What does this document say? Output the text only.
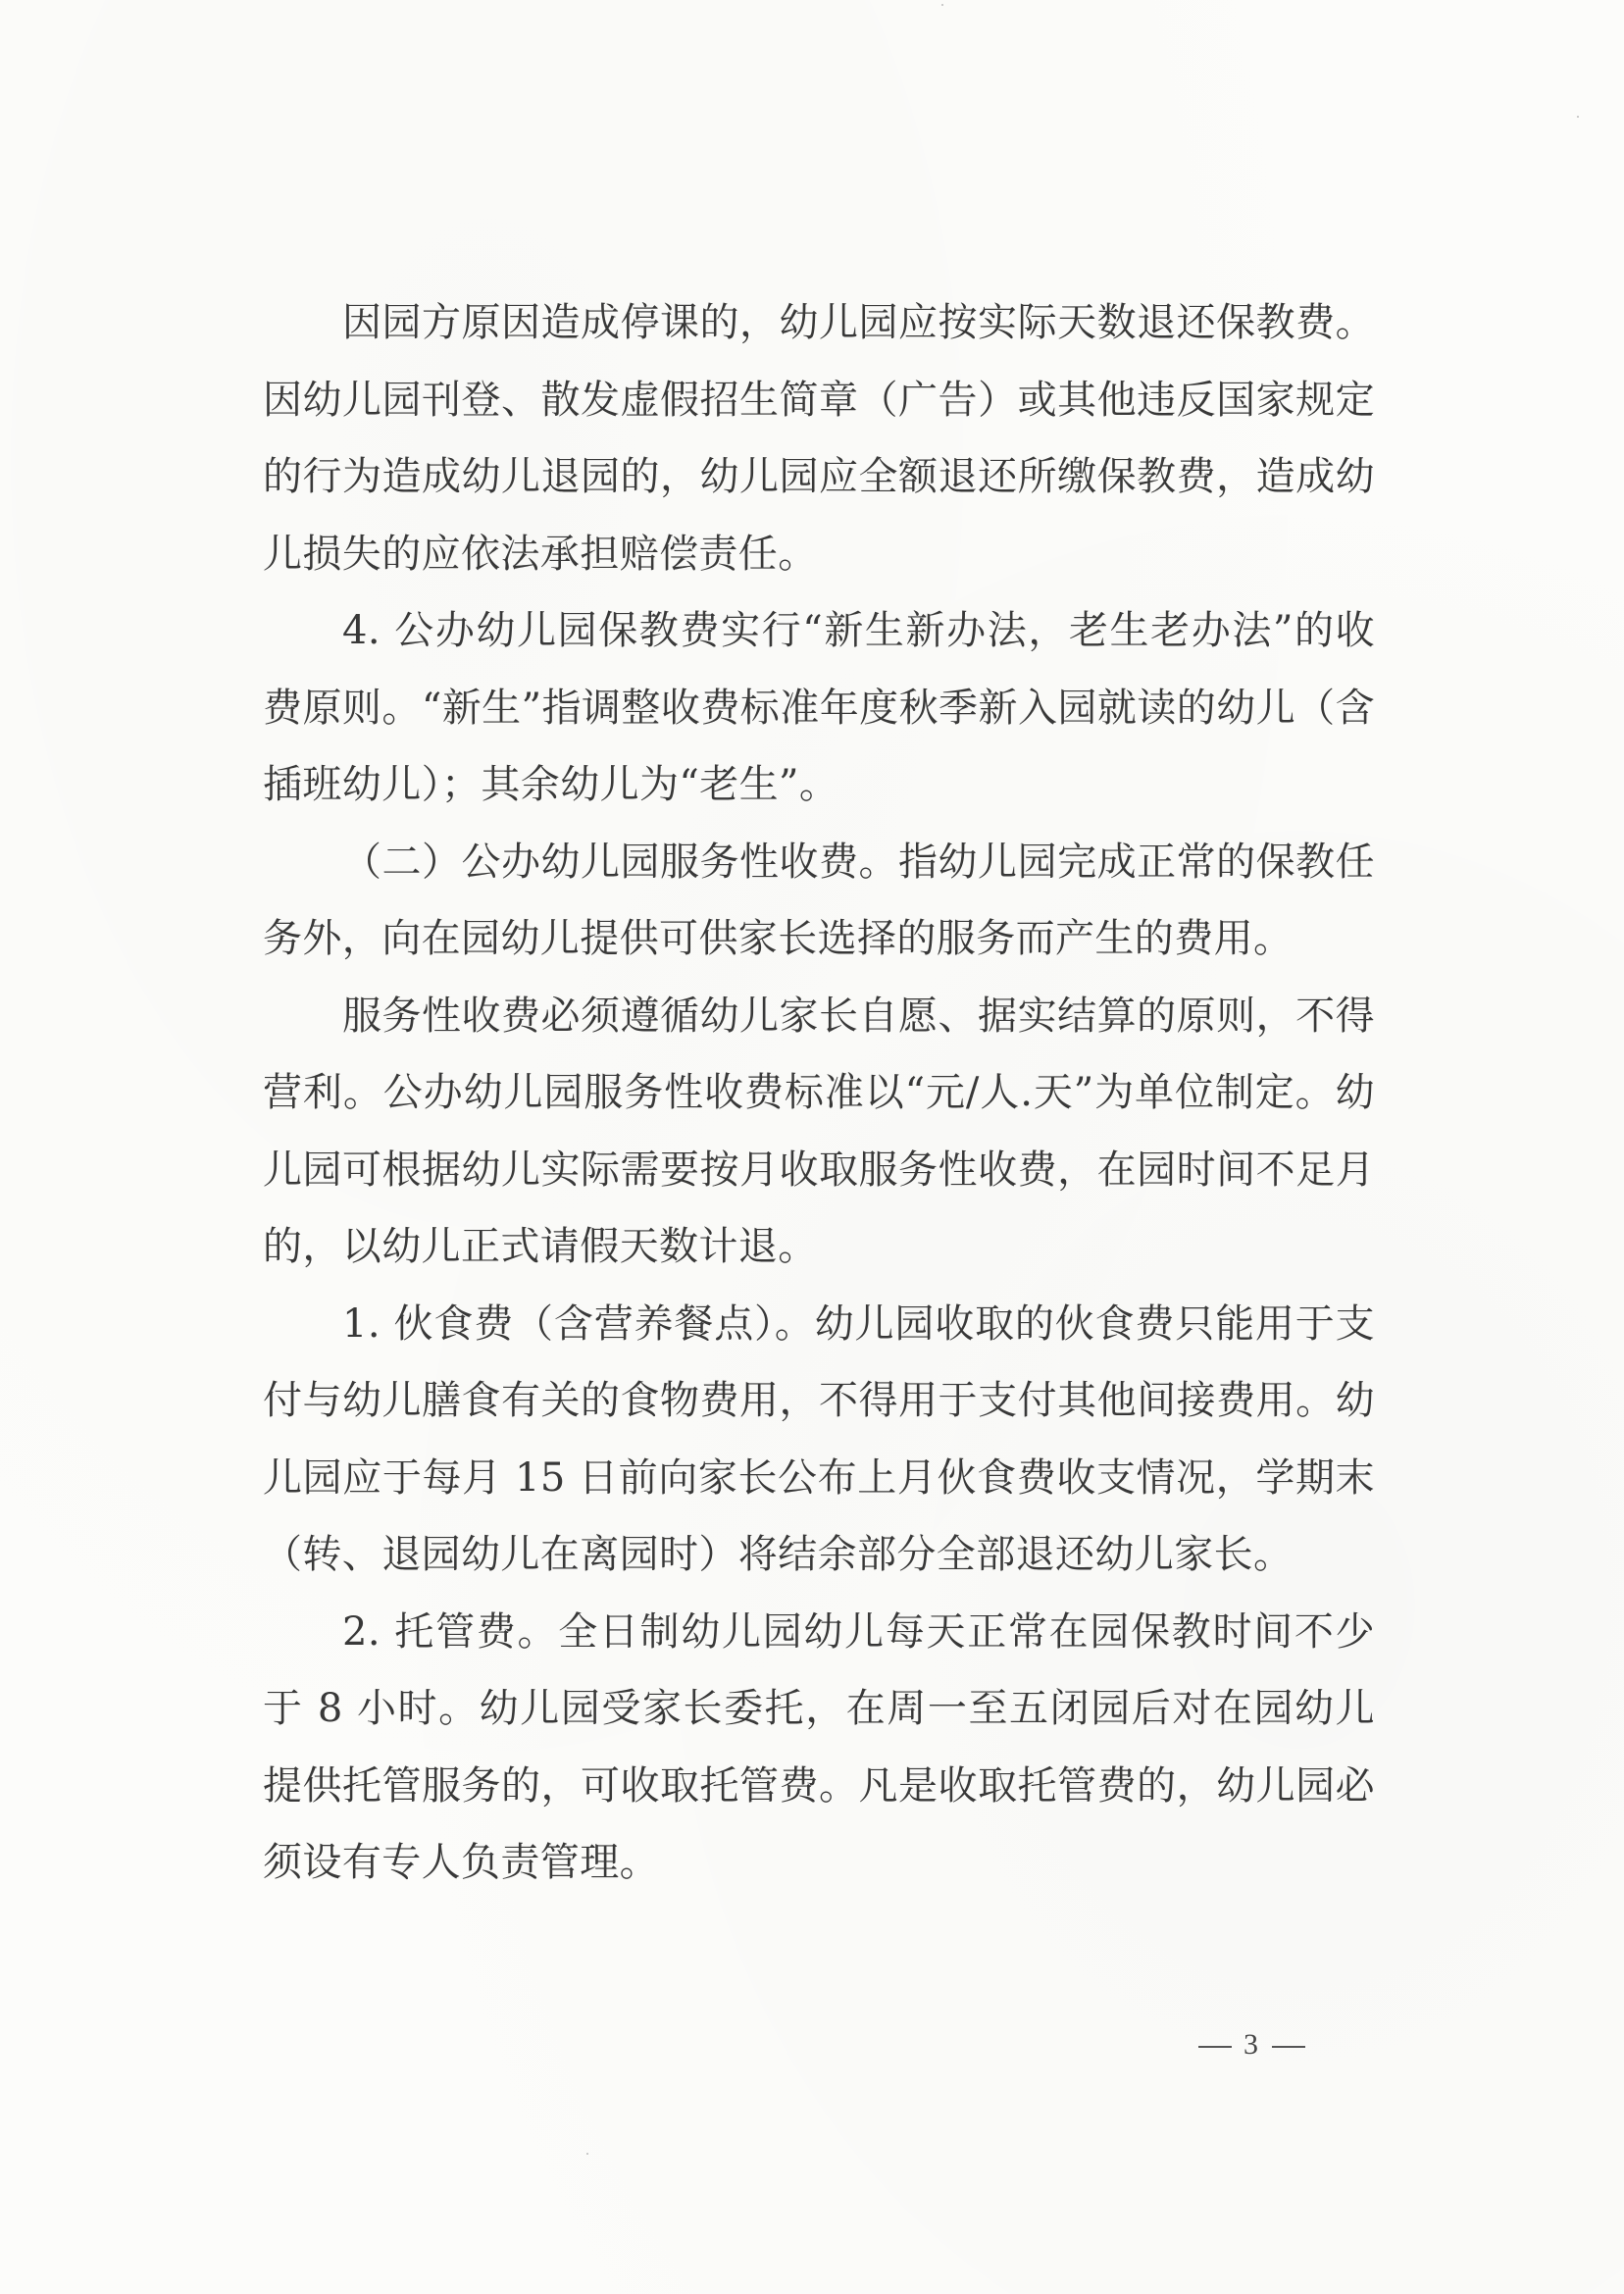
因园方原因造成停课的，幼儿园应按实际天数退还保教费。因幼儿园刊登、散发虚假招生简章（广告）或其他违反国家规定的行为造成幼儿退园的，幼儿园应全额退还所缴保教费，造成幼儿损失的应依法承担赔偿责任。

4. 公办幼儿园保教费实行“新生新办法，老生老办法”的收费原则。“新生”指调整收费标准年度秋季新入园就读的幼儿（含插班幼儿）；其余幼儿为“老生”。

（二）公办幼儿园服务性收费。指幼儿园完成正常的保教任务外，向在园幼儿提供可供家长选择的服务而产生的费用。

服务性收费必须遵循幼儿家长自愿、据实结算的原则，不得营利。公办幼儿园服务性收费标准以“元/人.天”为单位制定。幼儿园可根据幼儿实际需要按月收取服务性收费，在园时间不足月的，以幼儿正式请假天数计退。

1. 伙食费（含营养餐点）。幼儿园收取的伙食费只能用于支付与幼儿膳食有关的食物费用，不得用于支付其他间接费用。幼儿园应于每月 15 日前向家长公布上月伙食费收支情况，学期末（转、退园幼儿在离园时）将结余部分全部退还幼儿家长。

2. 托管费。全日制幼儿园幼儿每天正常在园保教时间不少于 8 小时。幼儿园受家长委托，在周一至五闭园后对在园幼儿提供托管服务的，可收取托管费。凡是收取托管费的，幼儿园必须设有专人负责管理。

3
